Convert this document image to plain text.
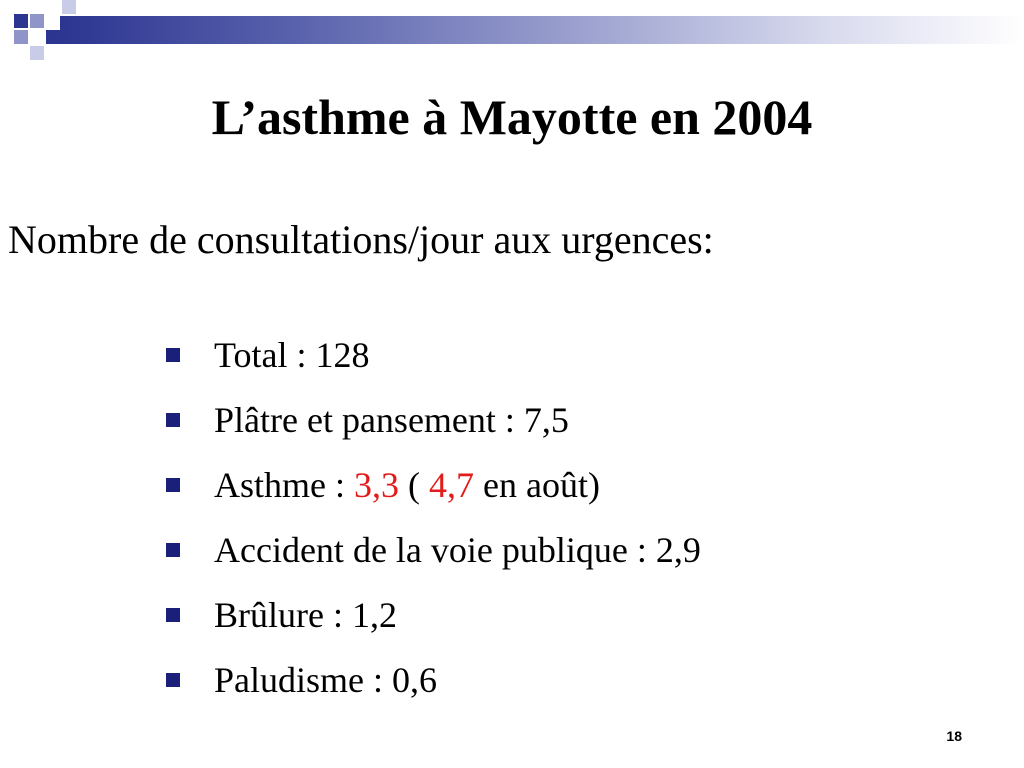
L’asthme à Mayotte en 2004
Nombre de consultations/jour aux urgences:
Total : 128
Plâtre et pansement : 7,5
Asthme : 3,3 ( 4,7 en août)
Accident de la voie publique : 2,9
Brûlure : 1,2
Paludisme : 0,6
18
